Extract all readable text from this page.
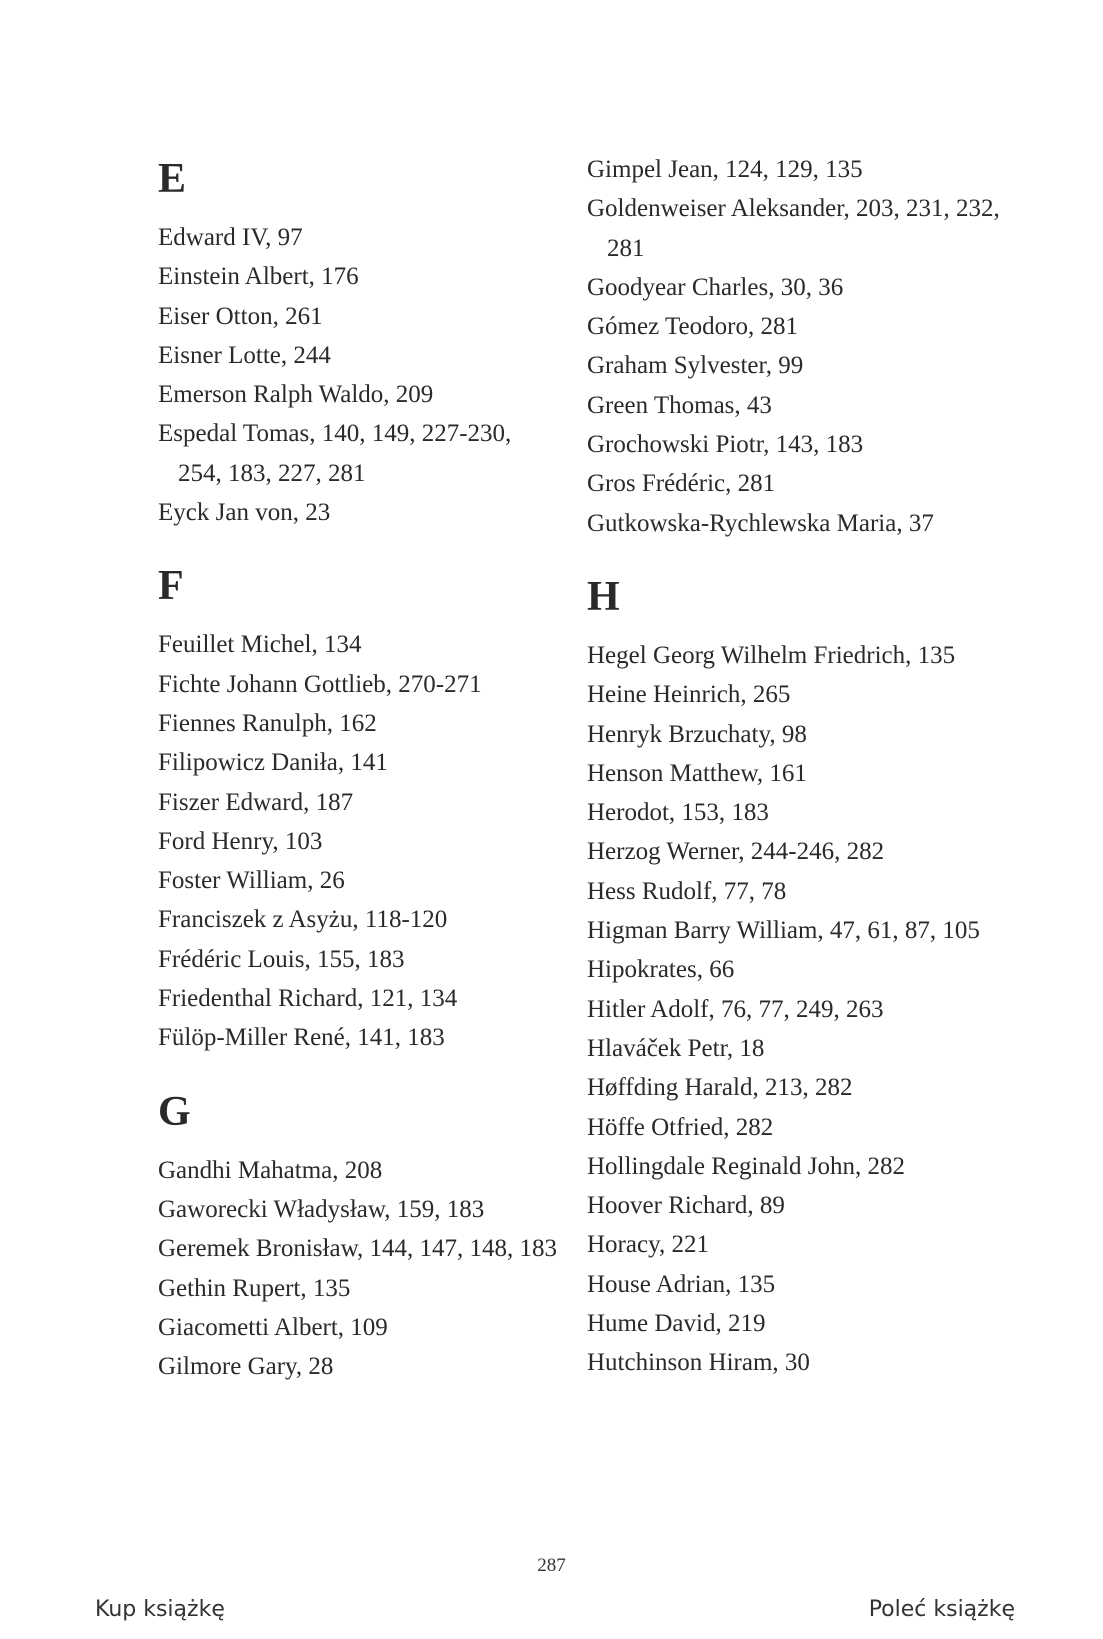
E
Edward IV, 97
Einstein Albert, 176
Eiser Otton, 261
Eisner Lotte, 244
Emerson Ralph Waldo, 209
Espedal Tomas, 140, 149, 227-230, 254, 183, 227, 281
Eyck Jan von, 23
F
Feuillet Michel, 134
Fichte Johann Gottlieb, 270-271
Fiennes Ranulph, 162
Filipowicz Daniła, 141
Fiszer Edward, 187
Ford Henry, 103
Foster William, 26
Franciszek z Asyżu, 118-120
Frédéric Louis, 155, 183
Friedenthal Richard, 121, 134
Fülöp-Miller René, 141, 183
G
Gandhi Mahatma, 208
Gaworecki Władysław, 159, 183
Geremek Bronisław, 144, 147, 148, 183
Gethin Rupert, 135
Giacometti Albert, 109
Gilmore Gary, 28
Gimpel Jean, 124, 129, 135
Goldenweiser Aleksander, 203, 231, 232, 281
Goodyear Charles, 30, 36
Gómez Teodoro, 281
Graham Sylvester, 99
Green Thomas, 43
Grochowski Piotr, 143, 183
Gros Frédéric, 281
Gutkowska-Rychlewska Maria, 37
H
Hegel Georg Wilhelm Friedrich, 135
Heine Heinrich, 265
Henryk Brzuchaty, 98
Henson Matthew, 161
Herodot, 153, 183
Herzog Werner, 244-246, 282
Hess Rudolf, 77, 78
Higman Barry William, 47, 61, 87, 105
Hipokrates, 66
Hitler Adolf, 76, 77, 249, 263
Hlaváček Petr, 18
Høffding Harald, 213, 282
Höffe Otfried, 282
Hollingdale Reginald John, 282
Hoover Richard, 89
Horacy, 221
House Adrian, 135
Hume David, 219
Hutchinson Hiram, 30
287
Kup książkę	Poleć książkę
